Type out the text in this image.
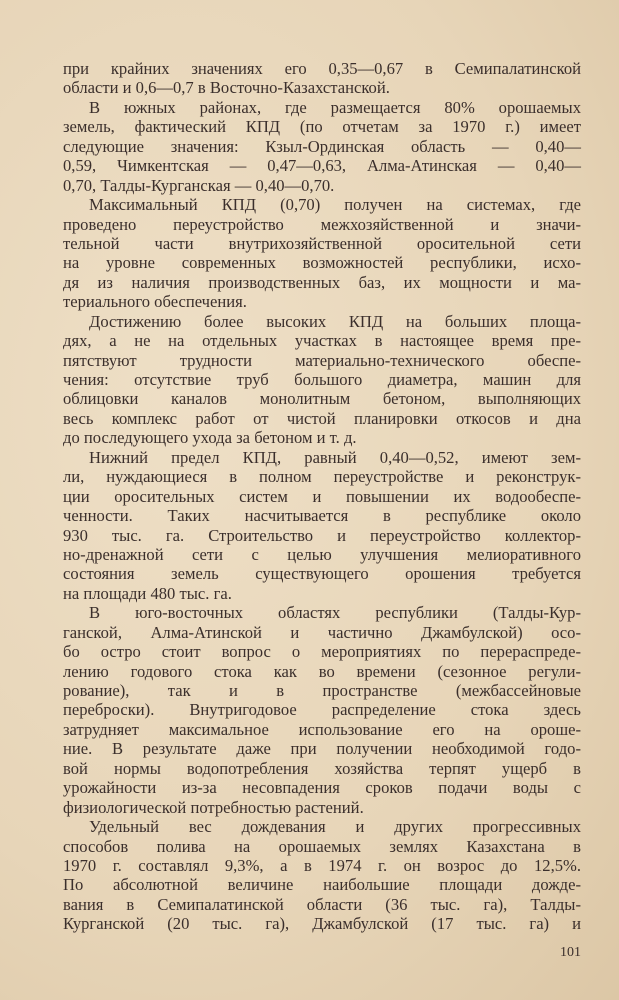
при крайних значениях его 0,35—0,67 в Семипалатинской
области и 0,6—0,7 в Восточно-Казахстанской.
В южных районах, где размещается 80% орошаемых
земель, фактический КПД (по отчетам за 1970 г.) имеет
следующие значения: Кзыл-Ординская область — 0,40—
0,59, Чимкентская — 0,47—0,63, Алма-Атинская — 0,40—
0,70, Талды-Курганская — 0,40—0,70.
Максимальный КПД (0,70) получен на системах, где
проведено переустройство межхозяйственной и значи-
тельной части внутрихозяйственной оросительной сети
на уровне современных возможностей республики, исхо-
дя из наличия производственных баз, их мощности и ма-
териального обеспечения.
Достижению более высоких КПД на больших площа-
дях, а не на отдельных участках в настоящее время пре-
пятствуют трудности материально-технического обеспе-
чения: отсутствие труб большого диаметра, машин для
облицовки каналов монолитным бетоном, выполняющих
весь комплекс работ от чистой планировки откосов и дна
до последующего ухода за бетоном и т. д.
Нижний предел КПД, равный 0,40—0,52, имеют зем-
ли, нуждающиеся в полном переустройстве и реконструк-
ции оросительных систем и повышении их водообеспе-
ченности. Таких насчитывается в республике около
930 тыс. га. Строительство и переустройство коллектор-
но-дренажной сети с целью улучшения мелиоративного
состояния земель существующего орошения требуется
на площади 480 тыс. га.
В юго-восточных областях республики (Талды-Кур-
ганской, Алма-Атинской и частично Джамбулской) осо-
бо остро стоит вопрос о мероприятиях по перераспреде-
лению годового стока как во времени (сезонное регули-
рование), так и в пространстве (межбассейновые
переброски). Внутригодовое распределение стока здесь
затрудняет максимальное использование его на ороше-
ние. В результате даже при получении необходимой годо-
вой нормы водопотребления хозяйства терпят ущерб в
урожайности из-за несовпадения сроков подачи воды с
физиологической потребностью растений.
Удельный вес дождевания и других прогрессивных
способов полива на орошаемых землях Казахстана в
1970 г. составлял 9,3%, а в 1974 г. он возрос до 12,5%.
По абсолютной величине наибольшие площади дожде-
вания в Семипалатинской области (36 тыс. га), Талды-
Курганской (20 тыс. га), Джамбулской (17 тыс. га) и
101
